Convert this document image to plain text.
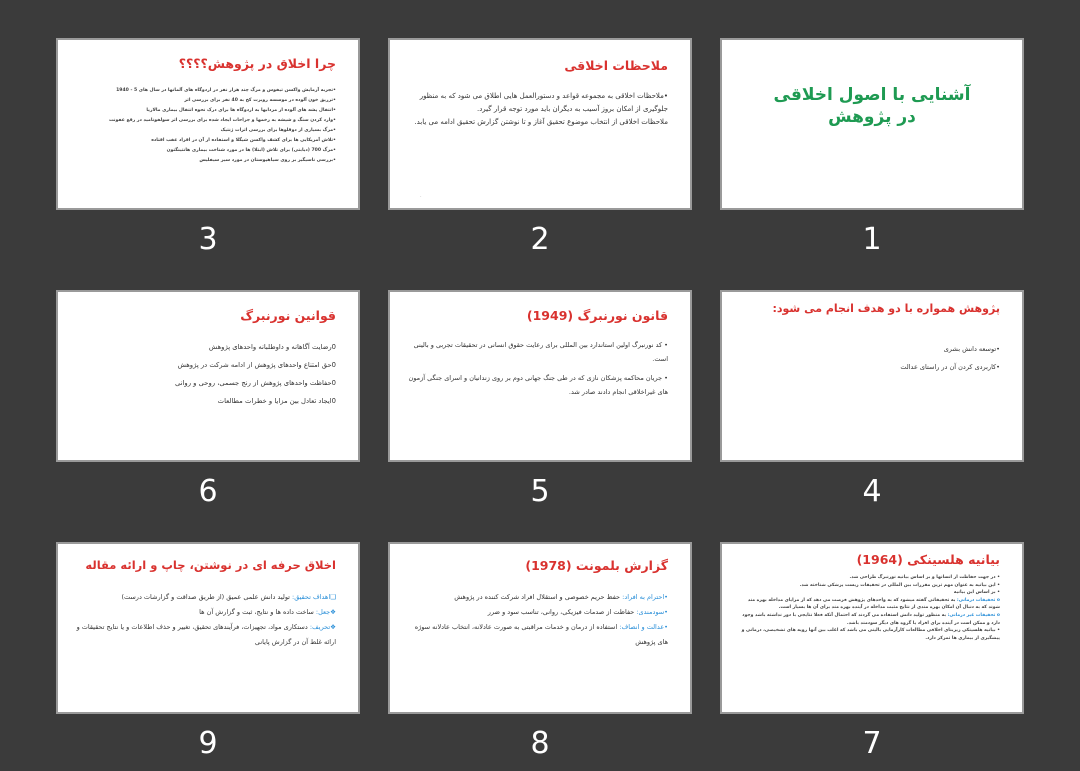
آشنایی با اصول اخلاقی در پژوهش
1
ملاحظات اخلاقی

•ملاحظات اخلاقی به مجموعه قواعد و دستورالعمل هایی اطلاق می شود که به منظور جلوگیری از امکان بروز آسیب به دیگران باید مورد توجه قرار گیرد.

ملاحظات اخلاقی از انتخاب موضوع تحقیق آغاز و تا نوشتن گزارش تحقیق ادامه می یابد.

·
2
چرا اخلاق در پژوهش؟؟؟؟
•تجربه آزمایش واکسن تیفوس و مرگ چند هزار نفر در اردوگاه های آلمانها در سال های 5 - 1940
•تزریق خون آلوده در موسسه روبرت کخ به 40 نفر برای بررسی اثر
•انتقال پشه های آلوده از مردابها به اردوگاه ها برای درک نحوه انتقال بیماری مالاریا
•وارد کردن سنگ و شیشه به زخمها و جراحات ایجاد شده برای بررسی اثر سولفونامید در رفع عفونت
•مرگ بسیاری از دوقلوها برای بررسی اثرات ژنتیک
•تلاش آمریکایی ها برای کشف واکسن شیگلا و استفاده از آن در افراد عقب افتاده
•مرگ 700 (دیابتی) برای تلاش (ابتلا) ها در مورد شناخت بیماری هانتینگتون
•بررسی ناسیگیر بر روی سیاهپوستان در مورد سیر سیفلیس
3
پژوهش همواره با دو هدف انجام می شود:
•توسعه دانش بشری
•کاربردی کردن آن در راستای عدالت
4
قانون نورنبرگ (1949)

• کد نورنبرگ اولین استاندارد بین المللی برای رعایت حقوق انسانی در تحقیقات تجربی و بالینی است.

• جریان محاکمه پزشکان نازی که در طی جنگ جهانی دوم بر روی زندانیان و اسرای جنگی آزمون های غیراخلاقی انجام دادند صادر شد.

5
قوانین نورنبرگ
0رضایت آگاهانه و داوطلبانه واحدهای پژوهش
0حق امتناع واحدهای پژوهش از ادامه شرکت در پژوهش
0حفاظت واحدهای پژوهش از رنج جسمی، روحی و روانی
0ایجاد تعادل بین مزایا و خطرات مطالعات
6
بیانیه هلسینکی (1964)
• در جهت حفاظت از انسانها و بر اساس بیانیه نورنبرگ طراحی شد.
• این بیانیه به عنوان مهم ترین مقررات بین المللی در تحقیقات زیست پزشکی شناخته شد.
• بر اساس این بیانیه
o تحقیقات درمانی: به تحقیقاتی گفته میشود که به واحدهای پژوهش فرصت می دهد که از مزایای مداخله بهره مند شوند که به دنبال آن امکان بهره مندی از نتایج مثبت مداخله در آینده بهره مند برای آن ها بسیار است.
o تحقیقات غیر درمانی: به منظور تولید دانش استفاده می گردند که احتمال آنکه فعلا نتایجی با دور نداشته باشد وجود دارد و ممکن است در آینده برای افراد یا گروه های دیگر سودمند باشد.
• بیانیه هلسینکی زیربنای اخلاقی مطالعات کارآزمایی بالینی می باشد که اغلب بین آنها رویه های تشخیصی، درمانی و پیشگیری از بیماری ها تمرکز دارد.
7
گزارش بلمونت (1978)
•احترام به افراد: حفظ حریم خصوصی و استقلال افراد شرکت کننده در پژوهش
•سودمندی: حفاظت از صدمات فیزیکی، روانی، تناسب سود و ضرر
•عدالت و انصاف: استفاده از درمان و خدمات مراقبتی به صورت عادلانه، انتخاب عادلانه سوژه های پژوهش
8
اخلاق حرفه ای در نوشتن، چاپ و ارائه مقاله
❑اهداف تحقیق: تولید دانش علمی عمیق (از طریق صداقت و گزارشات درست)
❖جعل: ساخت داده ها و نتایج، ثبت و گزارش آن ها
❖تحریف: دستکاری مواد، تجهیزات، فرآیندهای تحقیق، تغییر و حذف اطلاعات و یا نتایج تحقیقات و ارائه غلط آن در گزارش پایانی
9
